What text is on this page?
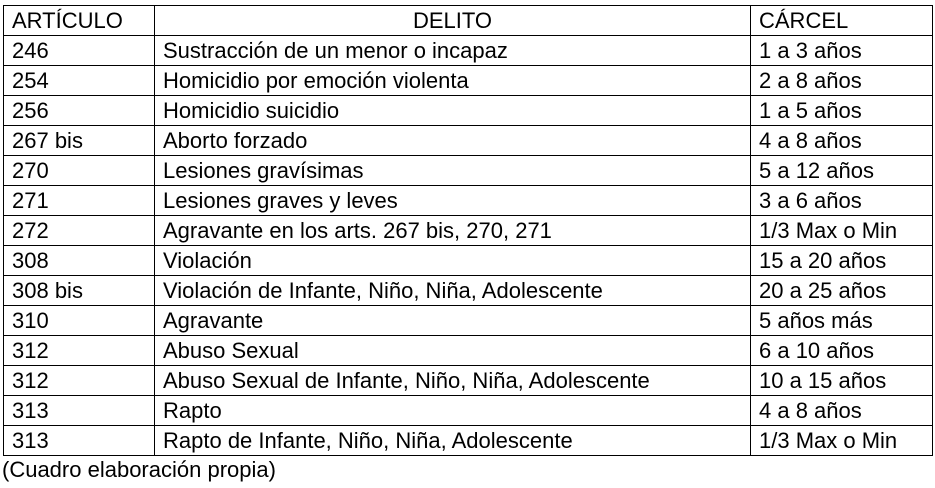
ARTÍCULO	DELITO	CÁRCEL
246	Sustracción de un menor o incapaz	1 a 3 años
254	Homicidio por emoción violenta	2 a 8 años
256	Homicidio suicidio	1 a 5 años
267 bis	Aborto forzado	4 a 8 años
270	Lesiones gravísimas	5 a 12 años
271	Lesiones graves y leves	3 a 6 años
272	Agravante en los arts. 267 bis, 270, 271	1/3 Max o Min
308	Violación	15 a 20 años
308 bis	Violación de Infante, Niño, Niña, Adolescente	20 a 25 años
310	Agravante	5 años más
312	Abuso Sexual	6 a 10 años
312	Abuso Sexual de Infante, Niño, Niña, Adolescente	10 a 15 años
313	Rapto	4 a 8 años
313	Rapto de Infante, Niño, Niña, Adolescente	1/3 Max o Min
(Cuadro elaboración propia)
